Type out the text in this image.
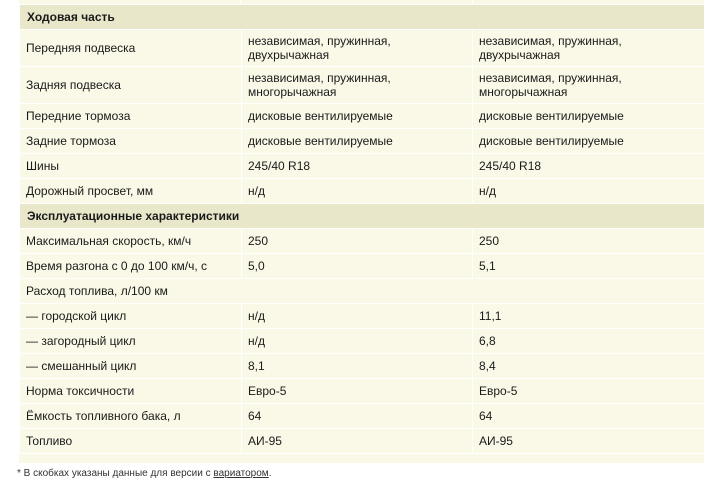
Ходовая часть		
Передняя подвеска	независимая, пружинная, двухрычажная	независимая, пружинная, двухрычажная
Задняя подвеска	независимая, пружинная, многорычажная	независимая, пружинная, многорычажная
Передние тормоза	дисковые вентилируемые	дисковые вентилируемые
Задние тормоза	дисковые вентилируемые	дисковые вентилируемые
Шины	245/40 R18	245/40 R18
Дорожный просвет, мм	н/д	н/д
Эксплуатационные характеристики		
Максимальная скорость, км/ч	250	250
Время разгона с 0 до 100 км/ч, с	5,0	5,1
Расход топлива, л/100 км		
— городской цикл	н/д	11,1
— загородный цикл	н/д	6,8
— смешанный цикл	8,1	8,4
Норма токсичности	Евро-5	Евро-5
Ёмкость топливного бака, л	64	64
Топливо	АИ-95	АИ-95
* В скобках указаны данные для версии с вариатором.
